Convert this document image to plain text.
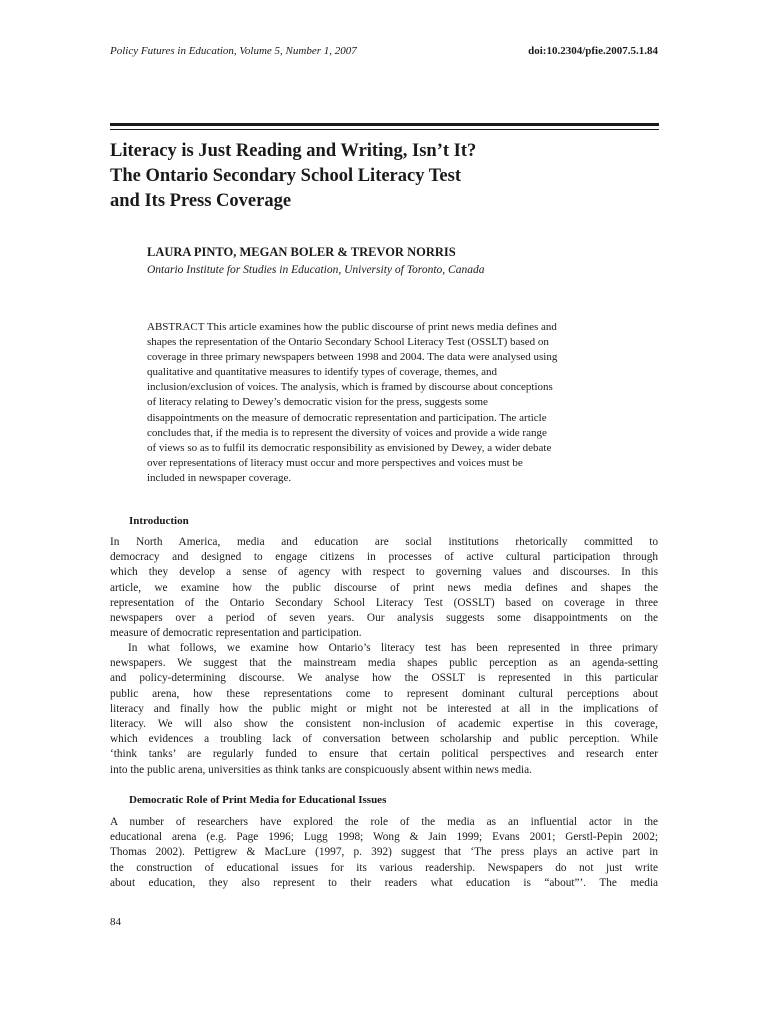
Policy Futures in Education, Volume 5, Number 1, 2007	doi:10.2304/pfie.2007.5.1.84
Literacy is Just Reading and Writing, Isn’t It?
The Ontario Secondary School Literacy Test
and Its Press Coverage
LAURA PINTO, MEGAN BOLER & TREVOR NORRIS
Ontario Institute for Studies in Education, University of Toronto, Canada
ABSTRACT This article examines how the public discourse of print news media defines and
shapes the representation of the Ontario Secondary School Literacy Test (OSSLT) based on
coverage in three primary newspapers between 1998 and 2004. The data were analysed using
qualitative and quantitative measures to identify types of coverage, themes, and
inclusion/exclusion of voices. The analysis, which is framed by discourse about conceptions
of literacy relating to Dewey’s democratic vision for the press, suggests some
disappointments on the measure of democratic representation and participation. The article
concludes that, if the media is to represent the diversity of voices and provide a wide range
of views so as to fulfil its democratic responsibility as envisioned by Dewey, a wider debate
over representations of literacy must occur and more perspectives and voices must be
included in newspaper coverage.
Introduction
In North America, media and education are social institutions rhetorically committed to
democracy and designed to engage citizens in processes of active cultural participation through
which they develop a sense of agency with respect to governing values and discourses. In this
article, we examine how the public discourse of print news media defines and shapes the
representation of the Ontario Secondary School Literacy Test (OSSLT) based on coverage in three
newspapers over a period of seven years. Our analysis suggests some disappointments on the
measure of democratic representation and participation.
In what follows, we examine how Ontario’s literacy test has been represented in three primary
newspapers. We suggest that the mainstream media shapes public perception as an agenda-setting
and policy-determining discourse. We analyse how the OSSLT is represented in this particular
public arena, how these representations come to represent dominant cultural perceptions about
literacy and finally how the public might or might not be interested at all in the implications of
literacy. We will also show the consistent non-inclusion of academic expertise in this coverage,
which evidences a troubling lack of conversation between scholarship and public perception. While
‘think tanks’ are regularly funded to ensure that certain political perspectives and research enter
into the public arena, universities as think tanks are conspicuously absent within news media.
Democratic Role of Print Media for Educational Issues
A number of researchers have explored the role of the media as an influential actor in the
educational arena (e.g. Page 1996; Lugg 1998; Wong & Jain 1999; Evans 2001; Gerstl-Pepin 2002;
Thomas 2002). Pettigrew & MacLure (1997, p. 392) suggest that ‘The press plays an active part in
the construction of educational issues for its various readership. Newspapers do not just write
about education, they also represent to their readers what education is “about”’. The media
84
